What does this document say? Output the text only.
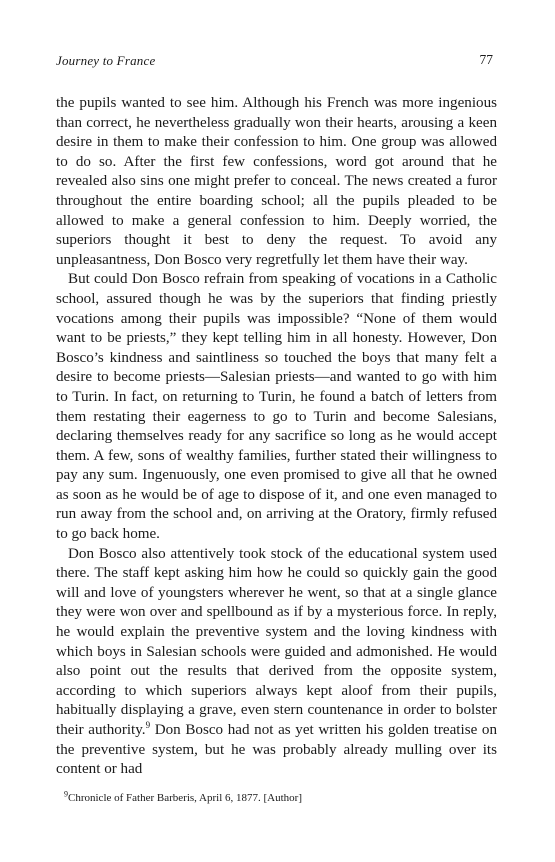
Journey to France	77

the pupils wanted to see him. Although his French was more ingenious than correct, he nevertheless gradually won their hearts, arousing a keen desire in them to make their confession to him. One group was allowed to do so. After the first few confessions, word got around that he revealed also sins one might prefer to conceal. The news created a furor throughout the entire boarding school; all the pupils pleaded to be allowed to make a general confession to him. Deeply worried, the superiors thought it best to deny the request. To avoid any unpleasantness, Don Bosco very regretfully let them have their way.

But could Don Bosco refrain from speaking of vocations in a Catholic school, assured though he was by the superiors that finding priestly vocations among their pupils was impossible? “None of them would want to be priests,” they kept telling him in all honesty. However, Don Bosco’s kindness and saintliness so touched the boys that many felt a desire to become priests—Salesian priests—and wanted to go with him to Turin. In fact, on returning to Turin, he found a batch of letters from them restating their eagerness to go to Turin and become Salesians, declaring themselves ready for any sacrifice so long as he would accept them. A few, sons of wealthy families, further stated their willingness to pay any sum. Ingenuously, one even promised to give all that he owned as soon as he would be of age to dispose of it, and one even managed to run away from the school and, on arriving at the Oratory, firmly refused to go back home.

Don Bosco also attentively took stock of the educational system used there. The staff kept asking him how he could so quickly gain the good will and love of youngsters wherever he went, so that at a single glance they were won over and spellbound as if by a mysterious force. In reply, he would explain the preventive system and the loving kindness with which boys in Salesian schools were guided and admonished. He would also point out the results that derived from the opposite system, according to which superiors always kept aloof from their pupils, habitually displaying a grave, even stern countenance in order to bolster their authority.$^9$ Don Bosco had not as yet written his golden treatise on the preventive system, but he was probably already mulling over its content or had

$^9$Chronicle of Father Barberis, April 6, 1877. [Author]
